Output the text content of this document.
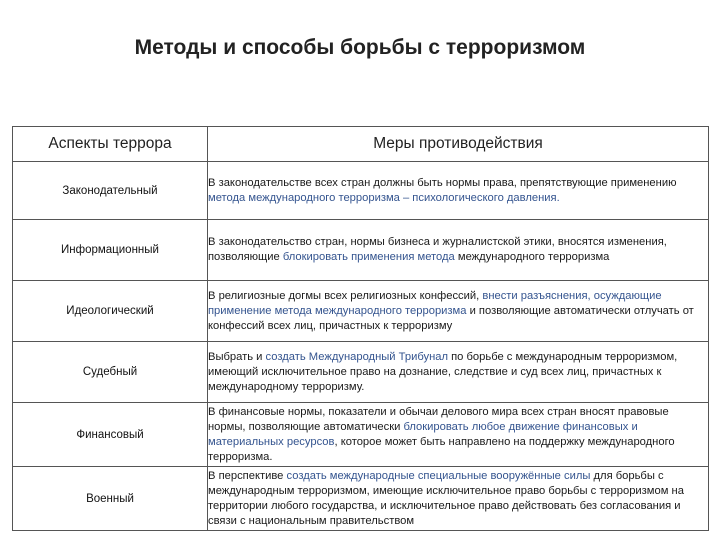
Методы и способы борьбы с терроризмом
Аспекты террора	Меры противодействия
Законодательный	В законодательстве всех стран должны быть нормы права, препятствующие применению метода международного терроризма – психологического давления.
Информационный	В законодательство стран, нормы бизнеса и журналистской этики, вносятся изменения, позволяющие блокировать применения метода международного терроризма
Идеологический	В религиозные догмы всех религиозных конфессий, внести разъяснения, осуждающие применение метода международного терроризма и позволяющие автоматически отлучать от конфессий всех лиц, причастных к терроризму
Судебный	Выбрать и создать Международный Трибунал по борьбе с международным терроризмом, имеющий исключительное право на дознание, следствие и суд всех лиц, причастных к международному терроризму.
Финансовый	В финансовые нормы, показатели и обычаи делового мира всех стран вносят правовые нормы, позволяющие автоматически блокировать любое движение финансовых и материальных ресурсов, которое может быть направлено на поддержку международного терроризма.
Военный	В перспективе создать международные специальные вооружённые силы для борьбы с международным терроризмом, имеющие исключительное право борьбы с терроризмом на территории любого государства, и исключительное право действовать без согласования и связи с национальным правительством
